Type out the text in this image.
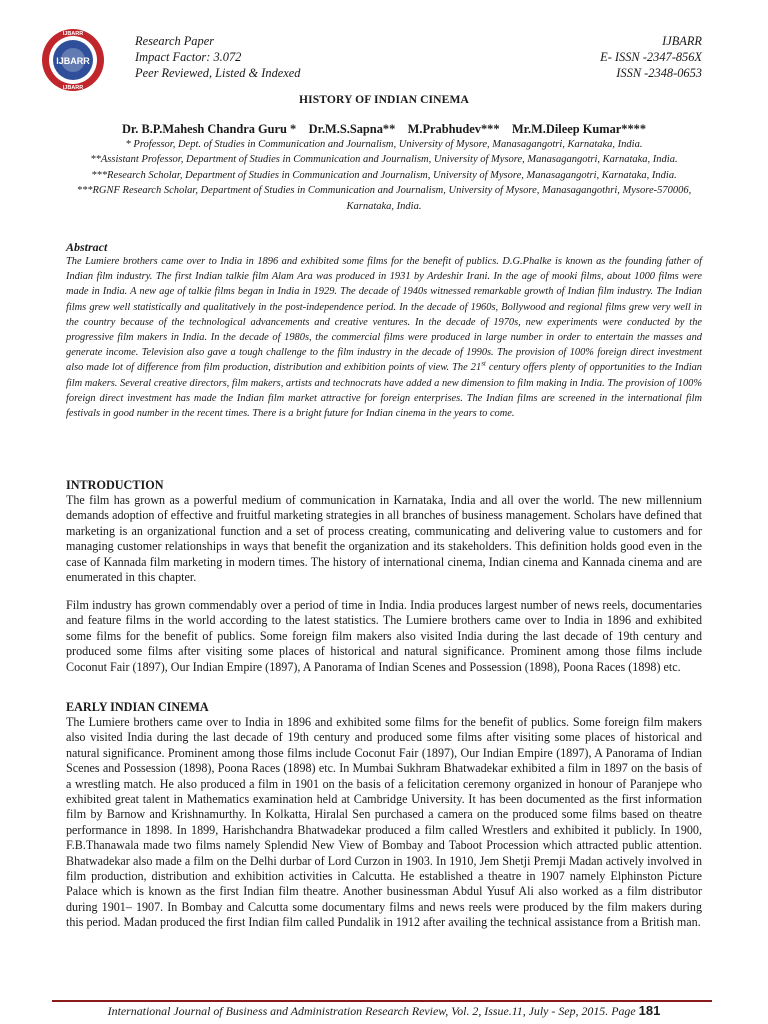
IJBARR
IJBARR
IJBARR
Research Paper
Impact Factor: 3.072
Peer Reviewed, Listed & Indexed
IJBARR
E- ISSN -2347-856X
ISSN -2348-0653
HISTORY OF INDIAN CINEMA
Dr. B.P.Mahesh Chandra Guru *    Dr.M.S.Sapna**    M.Prabhudev***    Mr.M.Dileep Kumar****

* Professor, Dept. of Studies in Communication and Journalism, University of Mysore, Manasagangotri, Karnataka, India.

**Assistant Professor, Department of Studies in Communication and Journalism, University of Mysore, Manasagangotri, Karnataka, India.

***Research Scholar, Department of Studies in Communication and Journalism, University of Mysore, Manasagangotri, Karnataka, India.

***RGNF Research Scholar, Department of Studies in Communication and Journalism, University of Mysore, Manasagangothri, Mysore-570006, Karnataka, India.

Abstract

The Lumiere brothers came over to India in 1896 and exhibited some films for the benefit of publics. D.G.Phalke is known as the founding father of Indian film industry. The first Indian talkie film Alam Ara was produced in 1931 by Ardeshir Irani. In the age of mooki films, about 1000 films were made in India. A new age of talkie films began in India in 1929. The decade of 1940s witnessed remarkable growth of Indian film industry. The Indian films grew well statistically and qualitatively in the post-independence period. In the decade of 1960s, Bollywood and regional films grew very well in the country because of the technological advancements and creative ventures. In the decade of 1970s, new experiments were conducted by the progressive film makers in India. In the decade of 1980s, the commercial films were produced in large number in order to entertain the masses and generate income. Television also gave a tough challenge to the film industry in the decade of 1990s. The provision of 100% foreign direct investment also made lot of difference from film production, distribution and exhibition points of view. The 21st century offers plenty of opportunities to the Indian film makers. Several creative directors, film makers, artists and technocrats have added a new dimension to film making in India. The provision of 100% foreign direct investment has made the Indian film market attractive for foreign enterprises. The Indian films are screened in the international film festivals in good number in the recent times. There is a bright future for Indian cinema in the years to come.

INTRODUCTION

The film has grown as a powerful medium of communication in Karnataka, India and all over the world. The new millennium demands adoption of effective and fruitful marketing strategies in all branches of business management. Scholars have defined that marketing is an organizational function and a set of process creating, communicating and delivering value to customers and for managing customer relationships in ways that benefit the organization and its stakeholders. This definition holds good even in the case of Kannada film marketing in modern times. The history of international cinema, Indian cinema and Kannada cinema and are enumerated in this chapter.

Film industry has grown commendably over a period of time in India. India produces largest number of news reels, documentaries and feature films in the world according to the latest statistics. The Lumiere brothers came over to India in 1896 and exhibited some films for the benefit of publics. Some foreign film makers also visited India during the last decade of 19th century and produced some films after visiting some places of historical and natural significance. Prominent among those films include Coconut Fair (1897), Our Indian Empire (1897), A Panorama of Indian Scenes and Possession (1898), Poona Races (1898) etc.

EARLY INDIAN CINEMA

The Lumiere brothers came over to India in 1896 and exhibited some films for the benefit of publics. Some foreign film makers also visited India during the last decade of 19th century and produced some films after visiting some places of historical and natural significance. Prominent among those films include Coconut Fair (1897), Our Indian Empire (1897), A Panorama of Indian Scenes and Possession (1898), Poona Races (1898) etc. In Mumbai Sukhram Bhatwadekar exhibited a film in 1897 on the basis of a wrestling match. He also produced a film in 1901 on the basis of a felicitation ceremony organized in honour of Paranjepe who exhibited great talent in Mathematics examination held at Cambridge University. It has been documented as the first information film by Barnow and Krishnamurthy. In Kolkatta, Hiralal Sen purchased a camera on the produced some films based on theatre performance in 1898. In 1899, Harishchandra Bhatwadekar produced a film called Wrestlers and exhibited it publicly. In 1900, F.B.Thanawala made two films namely Splendid New View of Bombay and Taboot Procession which attracted public attention. Bhatwadekar also made a film on the Delhi durbar of Lord Curzon in 1903. In 1910, Jem Shetji Premji Madan actively involved in film production, distribution and exhibition activities in Calcutta. He established a theatre in 1907 namely Elphinston Picture Palace which is known as the first Indian film theatre. Another businessman Abdul Yusuf Ali also worked as a film distributor during 1901– 1907. In Bombay and Calcutta some documentary films and news reels were produced by the film makers during this period. Madan produced the first Indian film called Pundalik in 1912 after availing the technical assistance from a British man.

International Journal of Business and Administration Research Review, Vol. 2, Issue.11, July - Sep, 2015. Page 181
